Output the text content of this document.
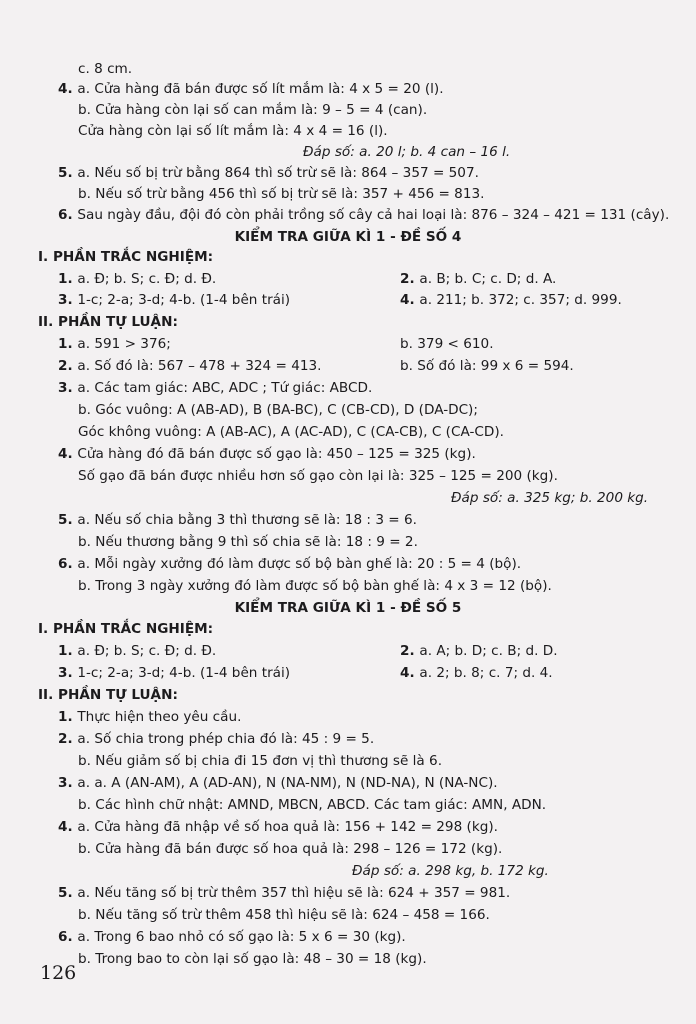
KIỂM TRA GIỮA KÌ 1 - ĐỀ SỐ 4
KIỂM TRA GIỮA KÌ 1 - ĐỀ SỐ 5
c. 8 cm.
4. a. Cửa hàng đã bán được số lít mắm là: 4 x 5 = 20 (l).
b. Cửa hàng còn lại số can mắm là: 9 – 5 = 4 (can).
Cửa hàng còn lại số lít mắm là: 4 x 4 = 16 (l).
Đáp số: a. 20 l; b. 4 can – 16 l.
5. a. Nếu số bị trừ bằng 864 thì số trừ sẽ là: 864 – 357 = 507.
b. Nếu số trừ bằng 456 thì số bị trừ sẽ là: 357 + 456 = 813.
6. Sau ngày đầu, đội đó còn phải trồng số cây cả hai loại là: 876 – 324 – 421 = 131 (cây).
I. PHẦN TRẮC NGHIỆM:
1. a. Đ; b. S; c. Đ; d. Đ.	2. a. B; b. C; c. D; d. A.
3. 1-c; 2-a; 3-d; 4-b. (1-4 bên trái)	4. a. 211; b. 372; c. 357; d. 999.
II. PHẦN TỰ LUẬN:
1. a. 591 > 376;	b. 379 < 610.
2. a. Số đó là: 567 – 478 + 324 = 413.	b. Số đó là: 99 x 6 = 594.
3. a. Các tam giác: ABC, ADC ; Tứ giác: ABCD.
b. Góc vuông: A (AB-AD), B (BA-BC), C (CB-CD), D (DA-DC);
Góc không vuông: A (AB-AC), A (AC-AD), C (CA-CB), C (CA-CD).
4. Cửa hàng đó đã bán được số gạo là: 450 – 125 = 325 (kg).
Số gạo đã bán được nhiều hơn số gạo còn lại là: 325 – 125 = 200 (kg).
Đáp số: a. 325 kg; b. 200 kg.
5. a. Nếu số chia bằng 3 thì thương sẽ là: 18 : 3 = 6.
b. Nếu thương bằng 9 thì số chia sẽ là: 18 : 9 = 2.
6. a. Mỗi ngày xưởng đó làm được số bộ bàn ghế là: 20 : 5 = 4 (bộ).
b. Trong 3 ngày xưởng đó làm được số bộ bàn ghế là: 4 x 3 = 12 (bộ).
I. PHẦN TRẮC NGHIỆM:
1. a. Đ; b. S; c. Đ; d. Đ.	2. a. A; b. D; c. B; d. D.
3. 1-c; 2-a; 3-d; 4-b. (1-4 bên trái)	4. a. 2; b. 8; c. 7; d. 4.
II. PHẦN TỰ LUẬN:
1. Thực hiện theo yêu cầu.
2. a. Số chia trong phép chia đó là: 45 : 9 = 5.
b. Nếu giảm số bị chia đi 15 đơn vị thì thương sẽ là 6.
3. a. a. A (AN-AM), A (AD-AN), N (NA-NM), N (ND-NA), N (NA-NC).
b. Các hình chữ nhật: AMND, MBCN, ABCD. Các tam giác: AMN, ADN.
4. a. Cửa hàng đã nhập về số hoa quả là: 156 + 142 = 298 (kg).
b. Cửa hàng đã bán được số hoa quả là: 298 – 126 = 172 (kg).
Đáp số: a. 298 kg, b. 172 kg.
5. a. Nếu tăng số bị trừ thêm 357 thì hiệu sẽ là: 624 + 357 = 981.
b. Nếu tăng số trừ thêm 458 thì hiệu sẽ là: 624 – 458 = 166.
6. a. Trong 6 bao nhỏ có số gạo là: 5 x 6 = 30 (kg).
b. Trong bao to còn lại số gạo là: 48 – 30 = 18 (kg).
126
